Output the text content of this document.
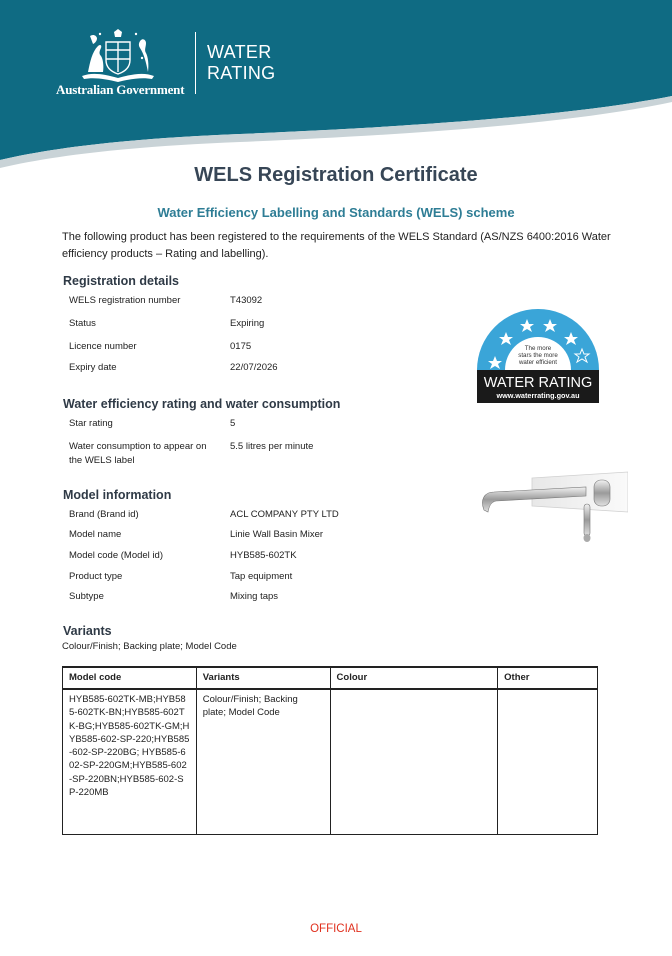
Australian Government
WATER
RATING
WELS Registration Certificate
Water Efficiency Labelling and Standards (WELS) scheme
The following product has been registered to the requirements of the WELS Standard (AS/NZS 6400:2016 Water efficiency products – Rating and labelling).
Registration details
WELS registration number	T43092
Status	Expiring
Licence number	0175
Expiry date	22/07/2026
Water efficiency rating and water consumption
Star rating	5
Water consumption to appear on the WELS label
5.5 litres per minute
Model information
Brand (Brand id)	ACL COMPANY PTY LTD
Model name	Linie Wall Basin Mixer
Model code (Model id)	HYB585-602TK
Product type	Tap equipment
Subtype	Mixing taps
Variants
Colour/Finish; Backing plate; Model Code
Model code	Variants	Colour	Other
HYB585-602TK-MB;HYB585-602TK-BN;HYB585-602TK-BG;HYB585-602TK-GM;HYB585-602-SP-220;HYB585-602-SP-220BG; HYB585-602-SP-220GM;HYB585-602-SP-220BN;HYB585-602-SP-220MB	Colour/Finish; Backing plate; Model Code		
The more
stars the more
water efficient
WATER RATING
www.waterrating.gov.au
OFFICIAL
